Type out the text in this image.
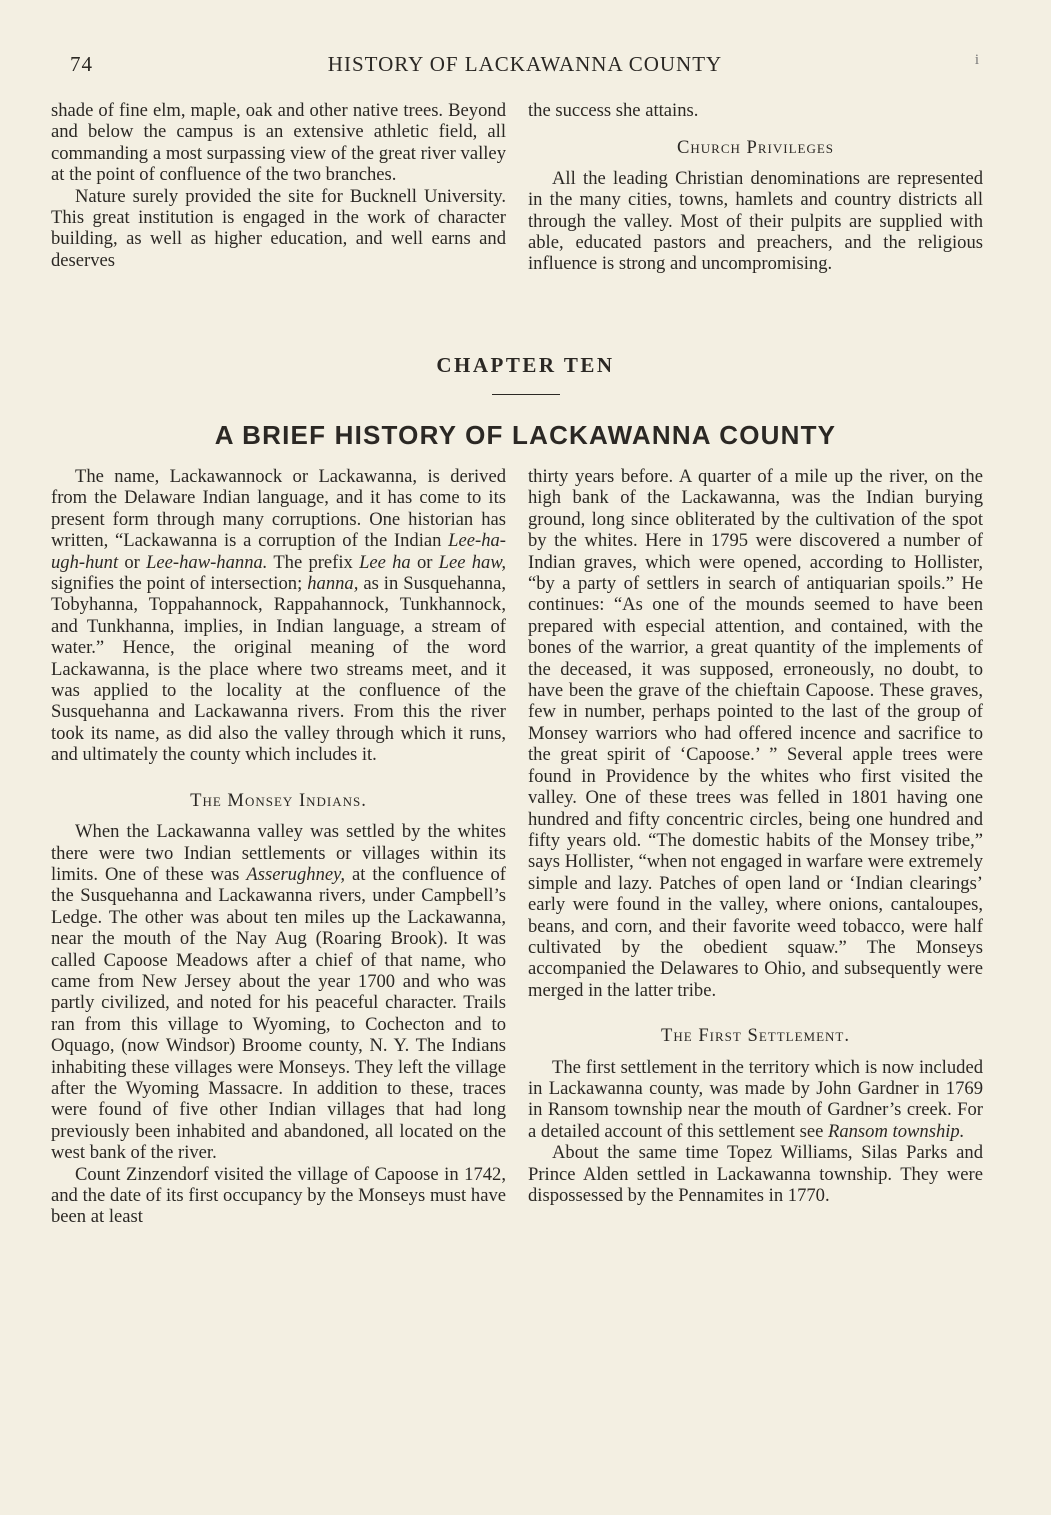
74	HISTORY OF LACKAWANNA COUNTY	i

shade of fine elm, maple, oak and other native trees. Beyond and below the campus is an extensive athletic field, all commanding a most surpassing view of the great river valley at the point of confluence of the two branches.

Nature surely provided the site for Bucknell University. This great institution is engaged in the work of character building, as well as higher education, and well earns and deserves

the success she attains.

Church Privileges

All the leading Christian denominations are represented in the many cities, towns, hamlets and country districts all through the valley. Most of their pulpits are supplied with able, educated pastors and preachers, and the religious influence is strong and uncompromising.

CHAPTER TEN
A BRIEF HISTORY OF LACKAWANNA COUNTY

The name, Lackawannock or Lackawanna, is derived from the Delaware Indian language, and it has come to its present form through many corruptions. One historian has written, “Lackawanna is a corruption of the Indian Lee-ha-ugh-hunt or Lee-haw-hanna. The prefix Lee ha or Lee haw, signifies the point of intersection; hanna, as in Susquehanna, Tobyhanna, Toppahannock, Rappahannock, Tunkhannock, and Tunkhanna, implies, in Indian language, a stream of water.” Hence, the original meaning of the word Lackawanna, is the place where two streams meet, and it was applied to the locality at the confluence of the Susquehanna and Lackawanna rivers. From this the river took its name, as did also the valley through which it runs, and ultimately the county which includes it.

The Monsey Indians.

When the Lackawanna valley was settled by the whites there were two Indian settlements or villages within its limits. One of these was Asserughney, at the confluence of the Susquehanna and Lackawanna rivers, under Campbell’s Ledge. The other was about ten miles up the Lackawanna, near the mouth of the Nay Aug (Roaring Brook). It was called Capoose Meadows after a chief of that name, who came from New Jersey about the year 1700 and who was partly civilized, and noted for his peaceful character. Trails ran from this village to Wyoming, to Cochecton and to Oquago, (now Windsor) Broome county, N. Y. The Indians inhabiting these villages were Monseys. They left the village after the Wyoming Massacre. In addition to these, traces were found of five other Indian villages that had long previously been inhabited and abandoned, all located on the west bank of the river.

Count Zinzendorf visited the village of Capoose in 1742, and the date of its first occupancy by the Monseys must have been at least

thirty years before. A quarter of a mile up the river, on the high bank of the Lackawanna, was the Indian burying ground, long since obliterated by the cultivation of the spot by the whites. Here in 1795 were discovered a number of Indian graves, which were opened, according to Hollister, “by a party of settlers in search of antiquarian spoils.” He continues: “As one of the mounds seemed to have been prepared with especial attention, and contained, with the bones of the warrior, a great quantity of the implements of the deceased, it was supposed, erroneously, no doubt, to have been the grave of the chieftain Capoose. These graves, few in number, perhaps pointed to the last of the group of Monsey warriors who had offered incence and sacrifice to the great spirit of ‘Capoose.’ ” Several apple trees were found in Providence by the whites who first visited the valley. One of these trees was felled in 1801 having one hundred and fifty concentric circles, being one hundred and fifty years old. “The domestic habits of the Monsey tribe,” says Hollister, “when not engaged in warfare were extremely simple and lazy. Patches of open land or ‘Indian clearings’ early were found in the valley, where onions, cantaloupes, beans, and corn, and their favorite weed tobacco, were half cultivated by the obedient squaw.” The Monseys accompanied the Delawares to Ohio, and subsequently were merged in the latter tribe.

The First Settlement.

The first settlement in the territory which is now included in Lackawanna county, was made by John Gardner in 1769 in Ransom township near the mouth of Gardner’s creek. For a detailed account of this settlement see Ransom township.

About the same time Topez Williams, Silas Parks and Prince Alden settled in Lackawanna township. They were dispossessed by the Pennamites in 1770.
